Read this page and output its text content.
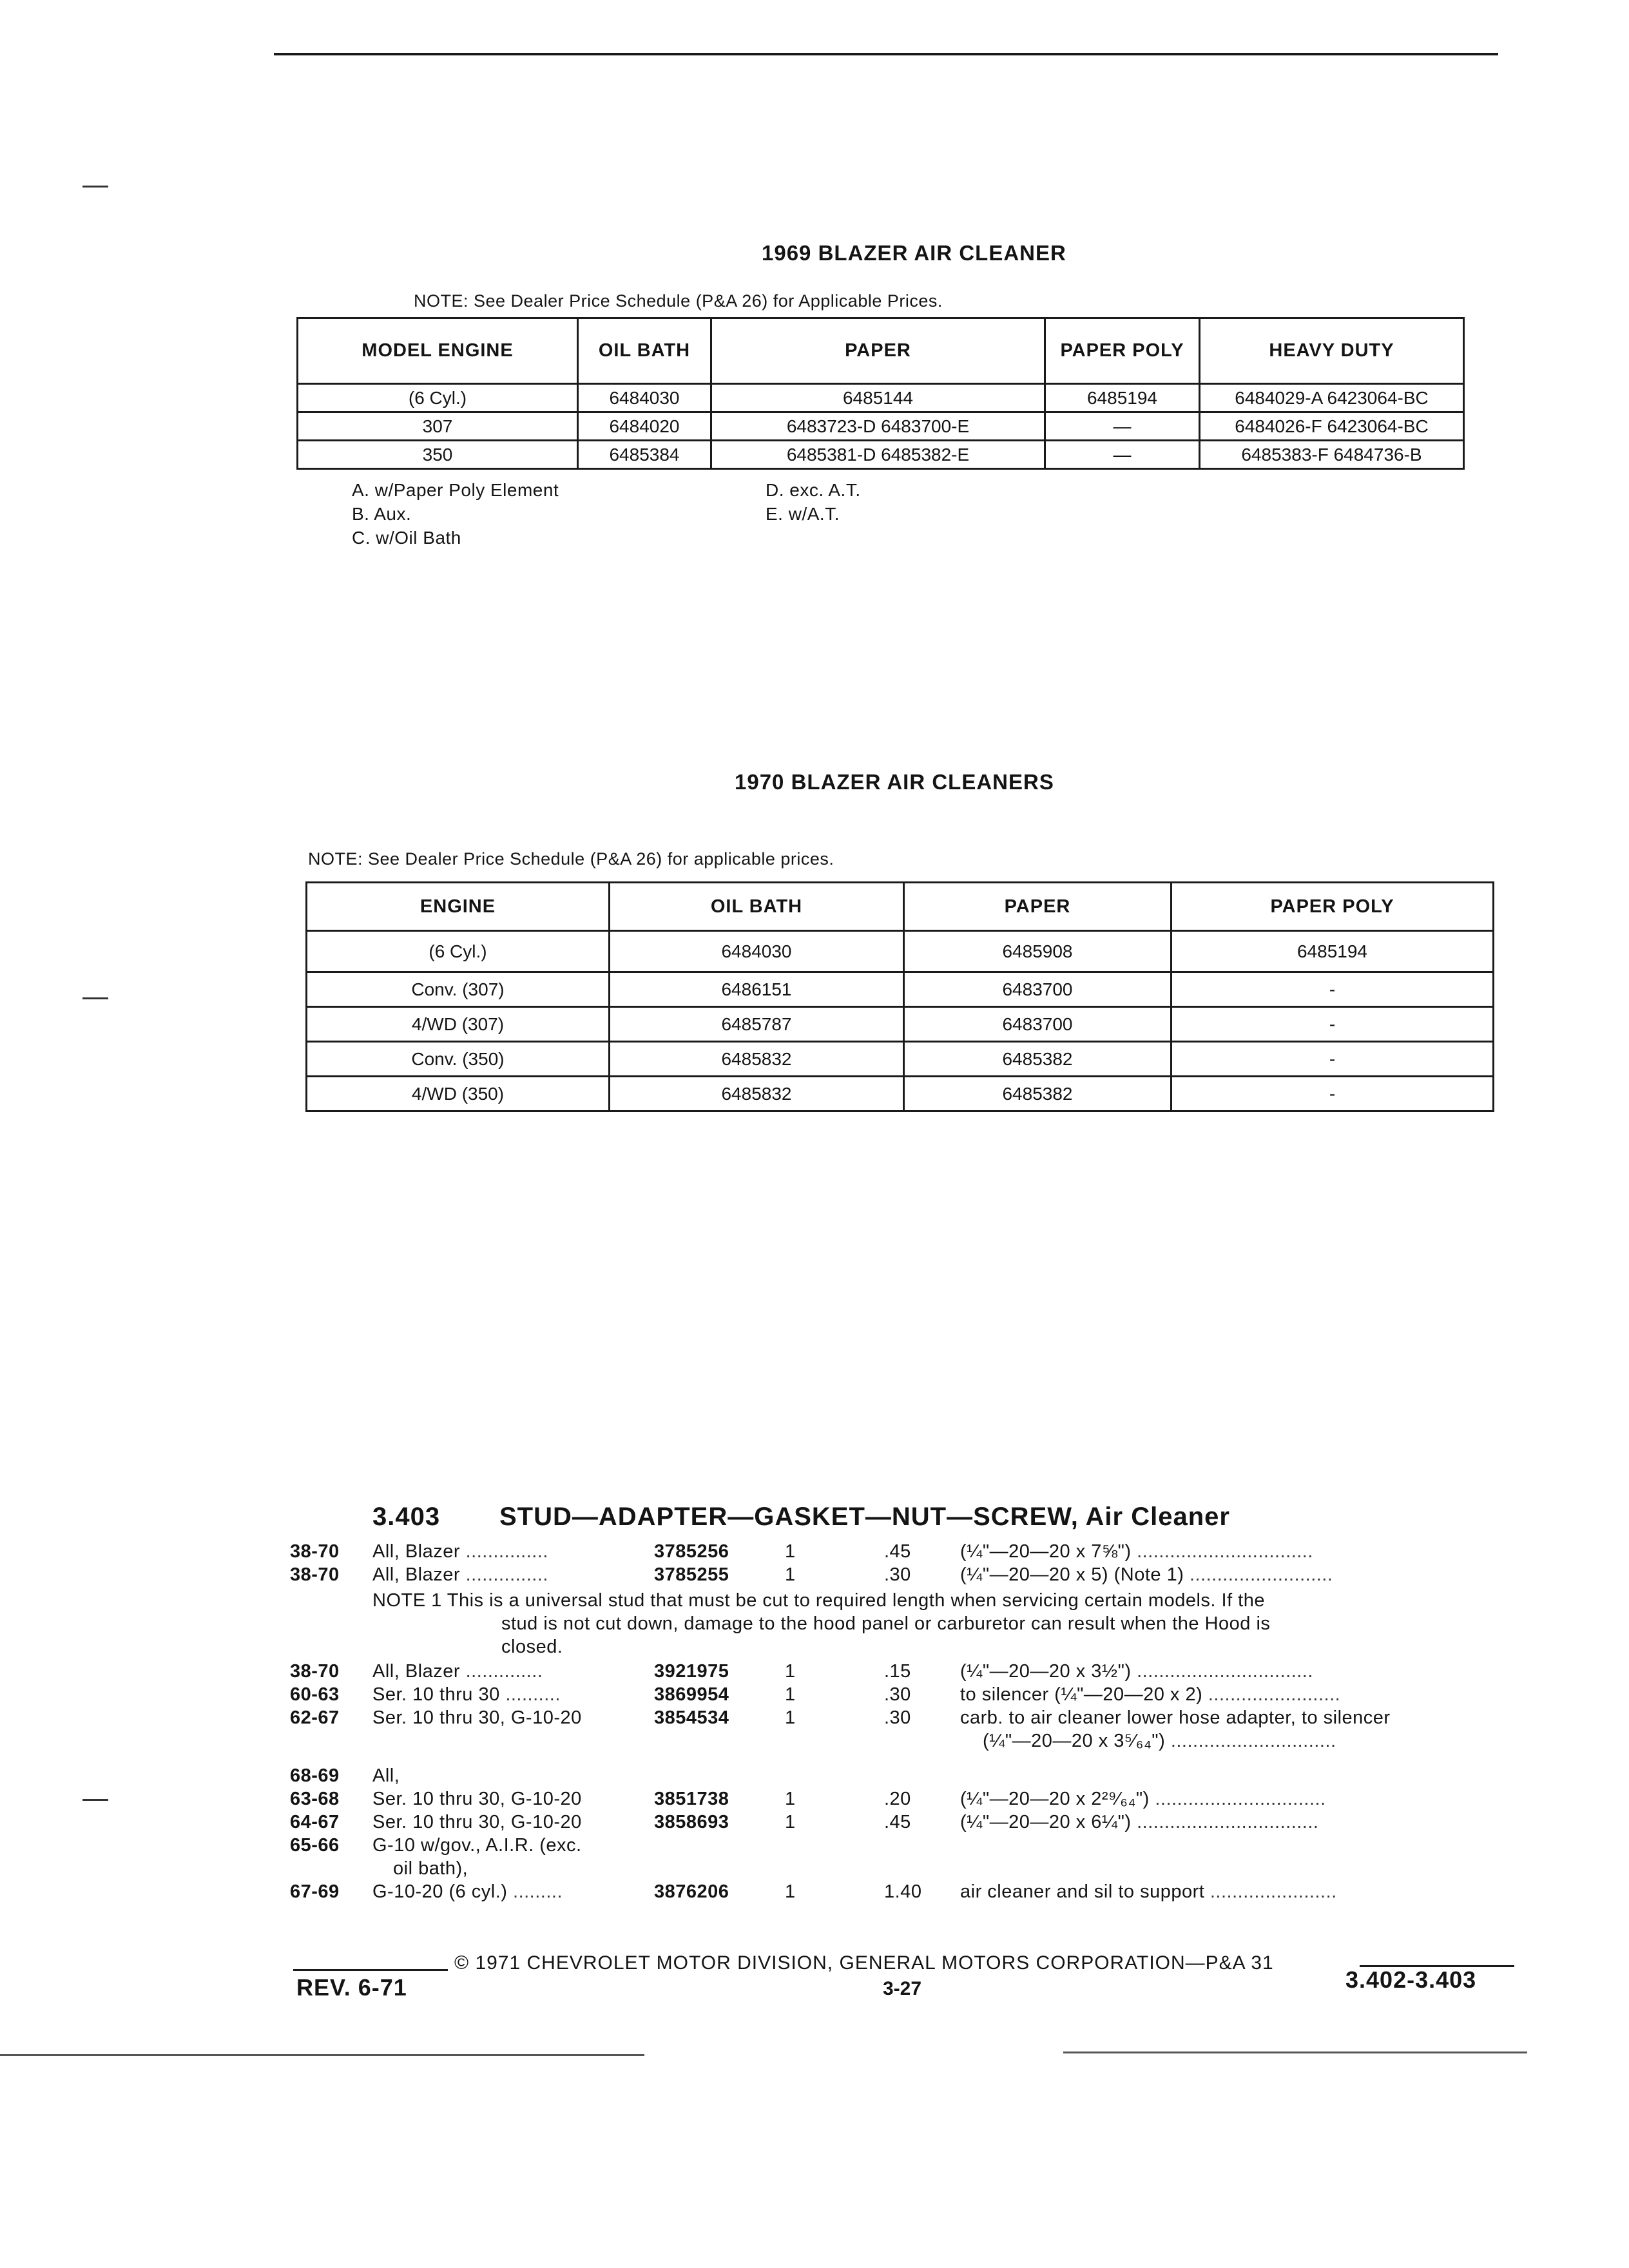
1969 BLAZER AIR CLEANER
NOTE: See Dealer Price Schedule (P&A 26) for Applicable Prices.
MODEL ENGINE	OIL BATH	PAPER	PAPER POLY	HEAVY DUTY
(6 Cyl.)	6484030	6485144	6485194	6484029-A 6423064-BC
307	6484020	6483723-D 6483700-E	—	6484026-F 6423064-BC
350	6485384	6485381-D 6485382-E	—	6485383-F 6484736-B
A. w/Paper Poly Element
B. Aux.
C. w/Oil Bath
D. exc. A.T.
E. w/A.T.
1970 BLAZER AIR CLEANERS
NOTE: See Dealer Price Schedule (P&A 26) for applicable prices.
ENGINE	OIL BATH	PAPER	PAPER POLY
(6 Cyl.)	6484030	6485908	6485194
Conv. (307)	6486151	6483700	-
4/WD (307)	6485787	6483700	-
Conv. (350)	6485832	6485382	-
4/WD (350)	6485832	6485382	-
3.403 STUD—ADAPTER—GASKET—NUT—SCREW, Air Cleaner
38-70 All, Blazer ...............	3785256	1	.45	(¼"—20—20 x 7⅝") ................................
38-70 All, Blazer ...............	3785255	1	.30	(¼"—20—20 x 5) (Note 1) ..........................
NOTE 1 This is a universal stud that must be cut to required length when servicing certain models. If the
stud is not cut down, damage to the hood panel or carburetor can result when the Hood is
closed.
38-70 All, Blazer ..............	3921975	1	.15	(¼"—20—20 x 3½") ................................
60-63 Ser. 10 thru 30 ..........	3869954	1	.30	to silencer (¼"—20—20 x 2) ........................
62-67 Ser. 10 thru 30, G-10-20	3854534	1	.30	carb. to air cleaner lower hose adapter, to silencer
(¼"—20—20 x 3⁵⁄₆₄") ..............................
68-69 All,
63-68 Ser. 10 thru 30, G-10-20	3851738	1	.20	(¼"—20—20 x 2²⁹⁄₆₄") ...............................
64-67 Ser. 10 thru 30, G-10-20	3858693	1	.45	(¼"—20—20 x 6¼") .................................
65-66 G-10 w/gov., A.I.R. (exc.
oil bath),
67-69 G-10-20 (6 cyl.) .........	3876206	1	1.40 air cleaner and sil to support .......................
© 1971 CHEVROLET MOTOR DIVISION, GENERAL MOTORS CORPORATION—P&A 31
REV. 6-71	3-27	3.402-3.403
